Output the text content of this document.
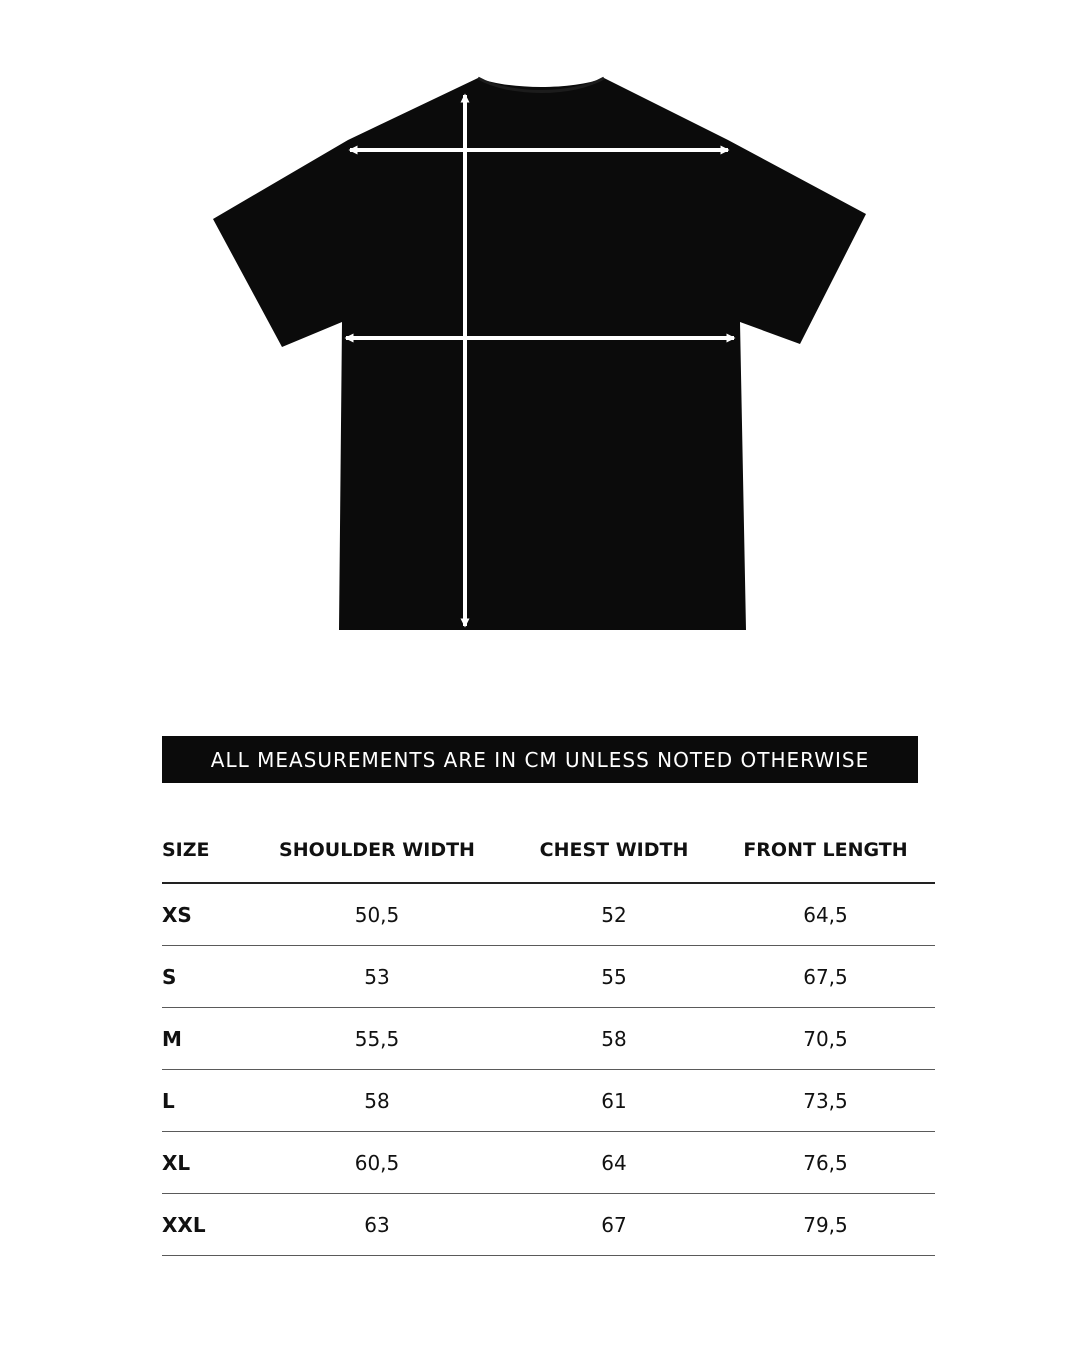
ALL MEASUREMENTS ARE IN CM UNLESS NOTED OTHERWISE
SIZE	SHOULDER WIDTH	CHEST WIDTH	FRONT LENGTH
XS	50,5	52	64,5
S	53	55	67,5
M	55,5	58	70,5
L	58	61	73,5
XL	60,5	64	76,5
XXL	63	67	79,5
